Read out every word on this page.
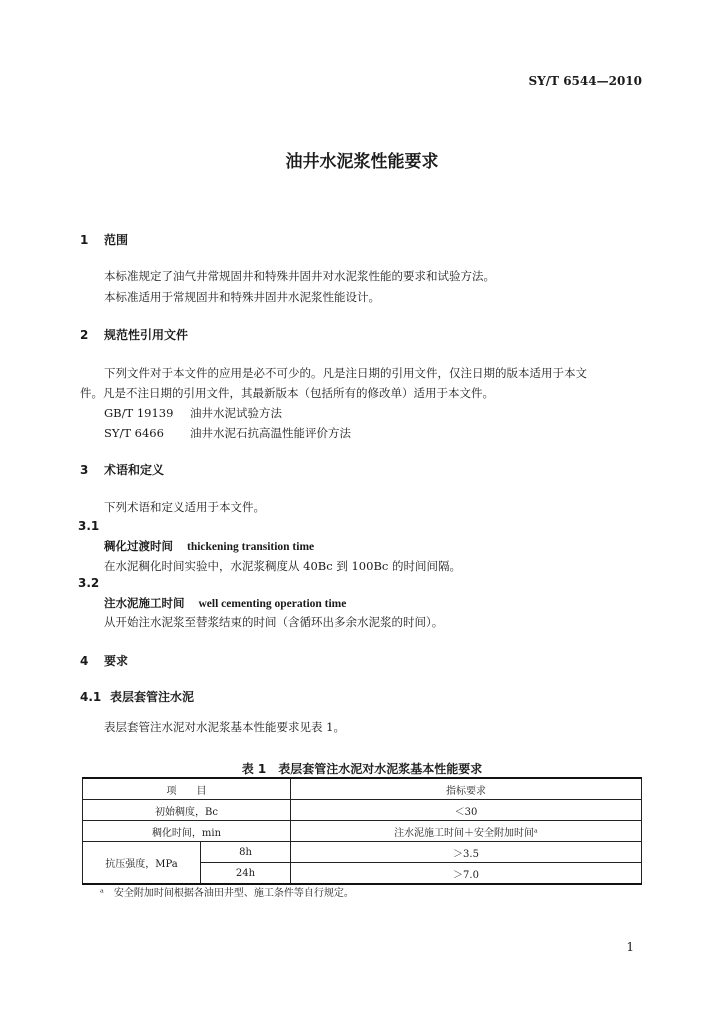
SY/T 6544—2010
油井水泥浆性能要求
1 范围
本标准规定了油气井常规固井和特殊井固井对水泥浆性能的要求和试验方法。
本标准适用于常规固井和特殊井固井水泥浆性能设计。
2 规范性引用文件
下列文件对于本文件的应用是必不可少的。凡是注日期的引用文件，仅注日期的版本适用于本文
件。凡是不注日期的引用文件，其最新版本（包括所有的修改单）适用于本文件。
GB/T 19139 油井水泥试验方法
SY/T 6466 油井水泥石抗高温性能评价方法
3 术语和定义
下列术语和定义适用于本文件。
3.1
稠化过渡时间 thickening transition time
在水泥稠化时间实验中，水泥浆稠度从 40Bc 到 100Bc 的时间间隔。
3.2
注水泥施工时间 well cementing operation time
从开始注水泥浆至替浆结束的时间（含循环出多余水泥浆的时间）。
4 要求
4.1 表层套管注水泥
表层套管注水泥对水泥浆基本性能要求见表 1。
表 1　表层套管注水泥对水泥浆基本性能要求
项　　目		指标要求
初始稠度，Bc		＜30
稠化时间，min		注水泥施工时间＋安全附加时间ᵃ
抗压强度，MPa	8h	＞3.5
	24h	＞7.0
ᵃ　安全附加时间根据各油田井型、施工条件等自行规定。
1
